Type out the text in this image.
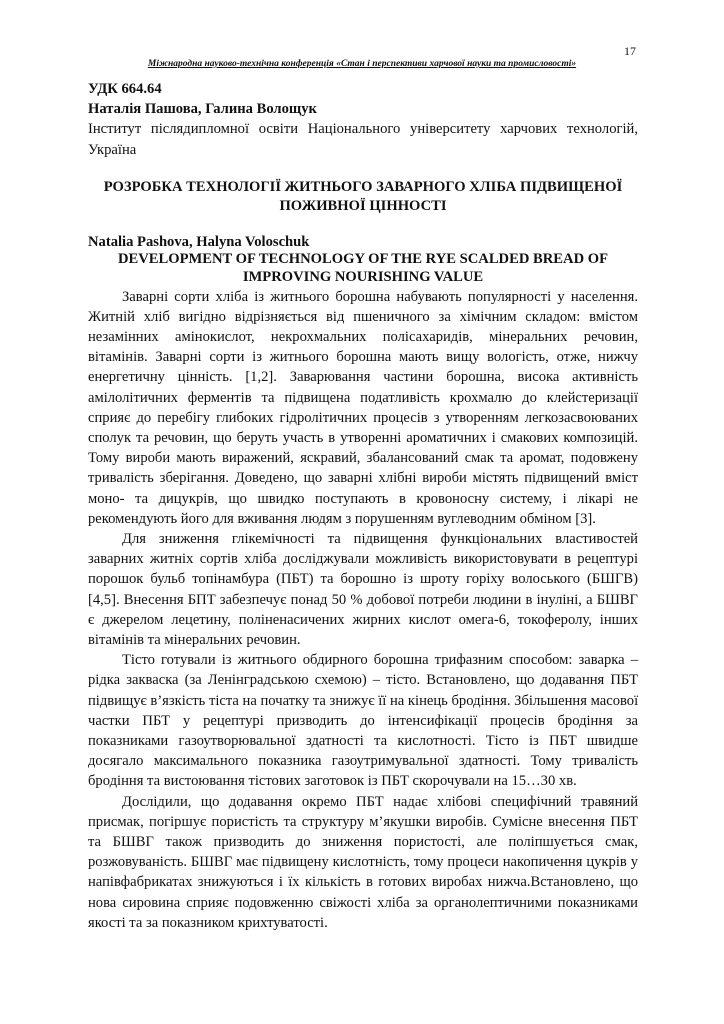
17
Міжнародна науково-технічна конференція «Стан і перспективи харчової науки та промисловості»
УДК 664.64
Наталія Пашова, Галина Волощук
Інститут післядипломної освіти Національного університету харчових технологій,
Україна
РОЗРОБКА ТЕХНОЛОГІЇ ЖИТНЬОГО ЗАВАРНОГО ХЛІБА ПІДВИЩЕНОЇ
ПОЖИВНОЇ ЦІННОСТІ
Natalia Pashova, Halyna Voloschuk
DEVELOPMENT OF TECHNOLOGY OF THE RYE SCALDED BREAD OF
IMPROVING NOURISHING VALUE
Заварні сорти хліба із житнього борошна набувають популярності у населення.
Житній хліб вигідно відрізняється від пшеничного за хімічним складом: вмістом
незамінних амінокислот, некрохмальних полісахаридів, мінеральних речовин,
вітамінів. Заварні сорти із житнього борошна мають вищу вологість, отже, нижчу
енергетичну цінність. [1,2]. Заварювання частини борошна, висока активність
амілолітичних ферментів та підвищена податливість крохмалю до клейстеризації
сприяє до перебігу глибоких гідролітичних процесів з утворенням легкозасвоюваних
сполук та речовин, що беруть участь в утворенні ароматичних і смакових композицій.
Тому вироби мають виражений, яскравий, збалансований смак та аромат, подовжену
тривалість зберігання. Доведено, що заварні хлібні вироби містять підвищений вміст
моно- та дицукрів, що швидко поступають в кровоносну систему, і лікарі не
рекомендують його для вживання людям з порушенням вуглеводним обміном [3].
Для зниження глікемічності та підвищення функціональних властивостей
заварних житніх сортів хліба досліджували можливість використовувати в рецептурі
порошок бульб топінамбура (ПБТ) та борошно із шроту горіху волоського (БШГВ)
[4,5]. Внесення БПТ забезпечує понад 50 % добової потреби людини в інуліні, а БШВГ
є джерелом лецетину, поліненасичених жирних кислот омега-6, токоферолу, інших
вітамінів та мінеральних речовин.
Тісто готували із житнього обдирного борошна трифазним способом: заварка –
рідка закваска (за Ленінградською схемою) – тісто. Встановлено, що додавання ПБТ
підвищує в’язкість тіста на початку та знижує її на кінець бродіння. Збільшення масової
частки ПБТ у рецептурі призводить до інтенсифікації процесів бродіння за
показниками газоутворювальної здатності та кислотності. Тісто із ПБТ швидше
досягало максимального показника газоутримувальної здатності. Тому тривалість
бродіння та вистоювання тістових заготовок із ПБТ скорочували на 15…30 хв.
Дослідили, що додавання окремо ПБТ надає хлібові специфічний травяний
присмак, погіршує пористість та структуру м’якушки виробів. Сумісне внесення ПБТ
та БШВГ також призводить до зниження пористості, але поліпшується смак,
розжовуваність. БШВГ має підвищену кислотність, тому процеси накопичення цукрів у
напівфабрикатах знижуються і їх кількість в готових виробах нижча.Встановлено, що
нова сировина сприяє подовженню свіжості хліба за органолептичними показниками
якості та за показником крихтуватості.
